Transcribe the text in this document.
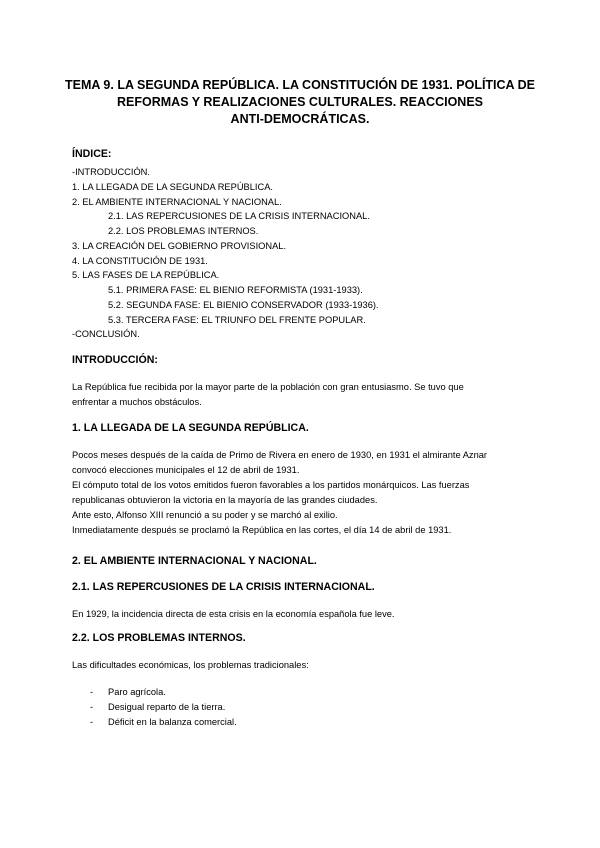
TEMA 9. LA SEGUNDA REPÚBLICA. LA CONSTITUCIÓN DE 1931. POLÍTICA DE
REFORMAS Y REALIZACIONES CULTURALES. REACCIONES
ANTI-DEMOCRÁTICAS.
ÍNDICE:
-INTRODUCCIÓN.
1. LA LLEGADA DE LA SEGUNDA REPÚBLICA.
2. EL AMBIENTE INTERNACIONAL Y NACIONAL.
2.1. LAS REPERCUSIONES DE LA CRISIS INTERNACIONAL.
2.2. LOS PROBLEMAS INTERNOS.
3. LA CREACIÓN DEL GOBIERNO PROVISIONAL.
4. LA CONSTITUCIÓN DE 1931.
5. LAS FASES DE LA REPÚBLICA.
5.1. PRIMERA FASE: EL BIENIO REFORMISTA (1931-1933).
5.2. SEGUNDA FASE: EL BIENIO CONSERVADOR (1933-1936).
5.3. TERCERA FASE: EL TRIUNFO DEL FRENTE POPULAR.
-CONCLUSIÓN.
INTRODUCCIÓN:
La República fue recibida por la mayor parte de la población con gran entusiasmo. Se tuvo que
enfrentar a muchos obstáculos.
1. LA LLEGADA DE LA SEGUNDA REPÚBLICA.
Pocos meses después de la caída de Primo de Rivera en enero de 1930, en 1931 el almirante Aznar
convocó elecciones municipales el 12 de abril de 1931.
El cómputo total de los votos emitidos fueron favorables a los partidos monárquicos. Las fuerzas
republicanas obtuvieron la victoria en la mayoría de las grandes ciudades.
Ante esto, Alfonso XIII renunció a su poder y se marchó al exilio.
Inmediatamente después se proclamó la República en las cortes, el día 14 de abril de 1931.
2. EL AMBIENTE INTERNACIONAL Y NACIONAL.
2.1. LAS REPERCUSIONES DE LA CRISIS INTERNACIONAL.
En 1929, la incidencia directa de esta crisis en la economía española fue leve.
2.2. LOS PROBLEMAS INTERNOS.
Las dificultades económicas, los problemas tradicionales:
- Paro agrícola.
- Desigual reparto de la tierra.
- Déficit en la balanza comercial.
